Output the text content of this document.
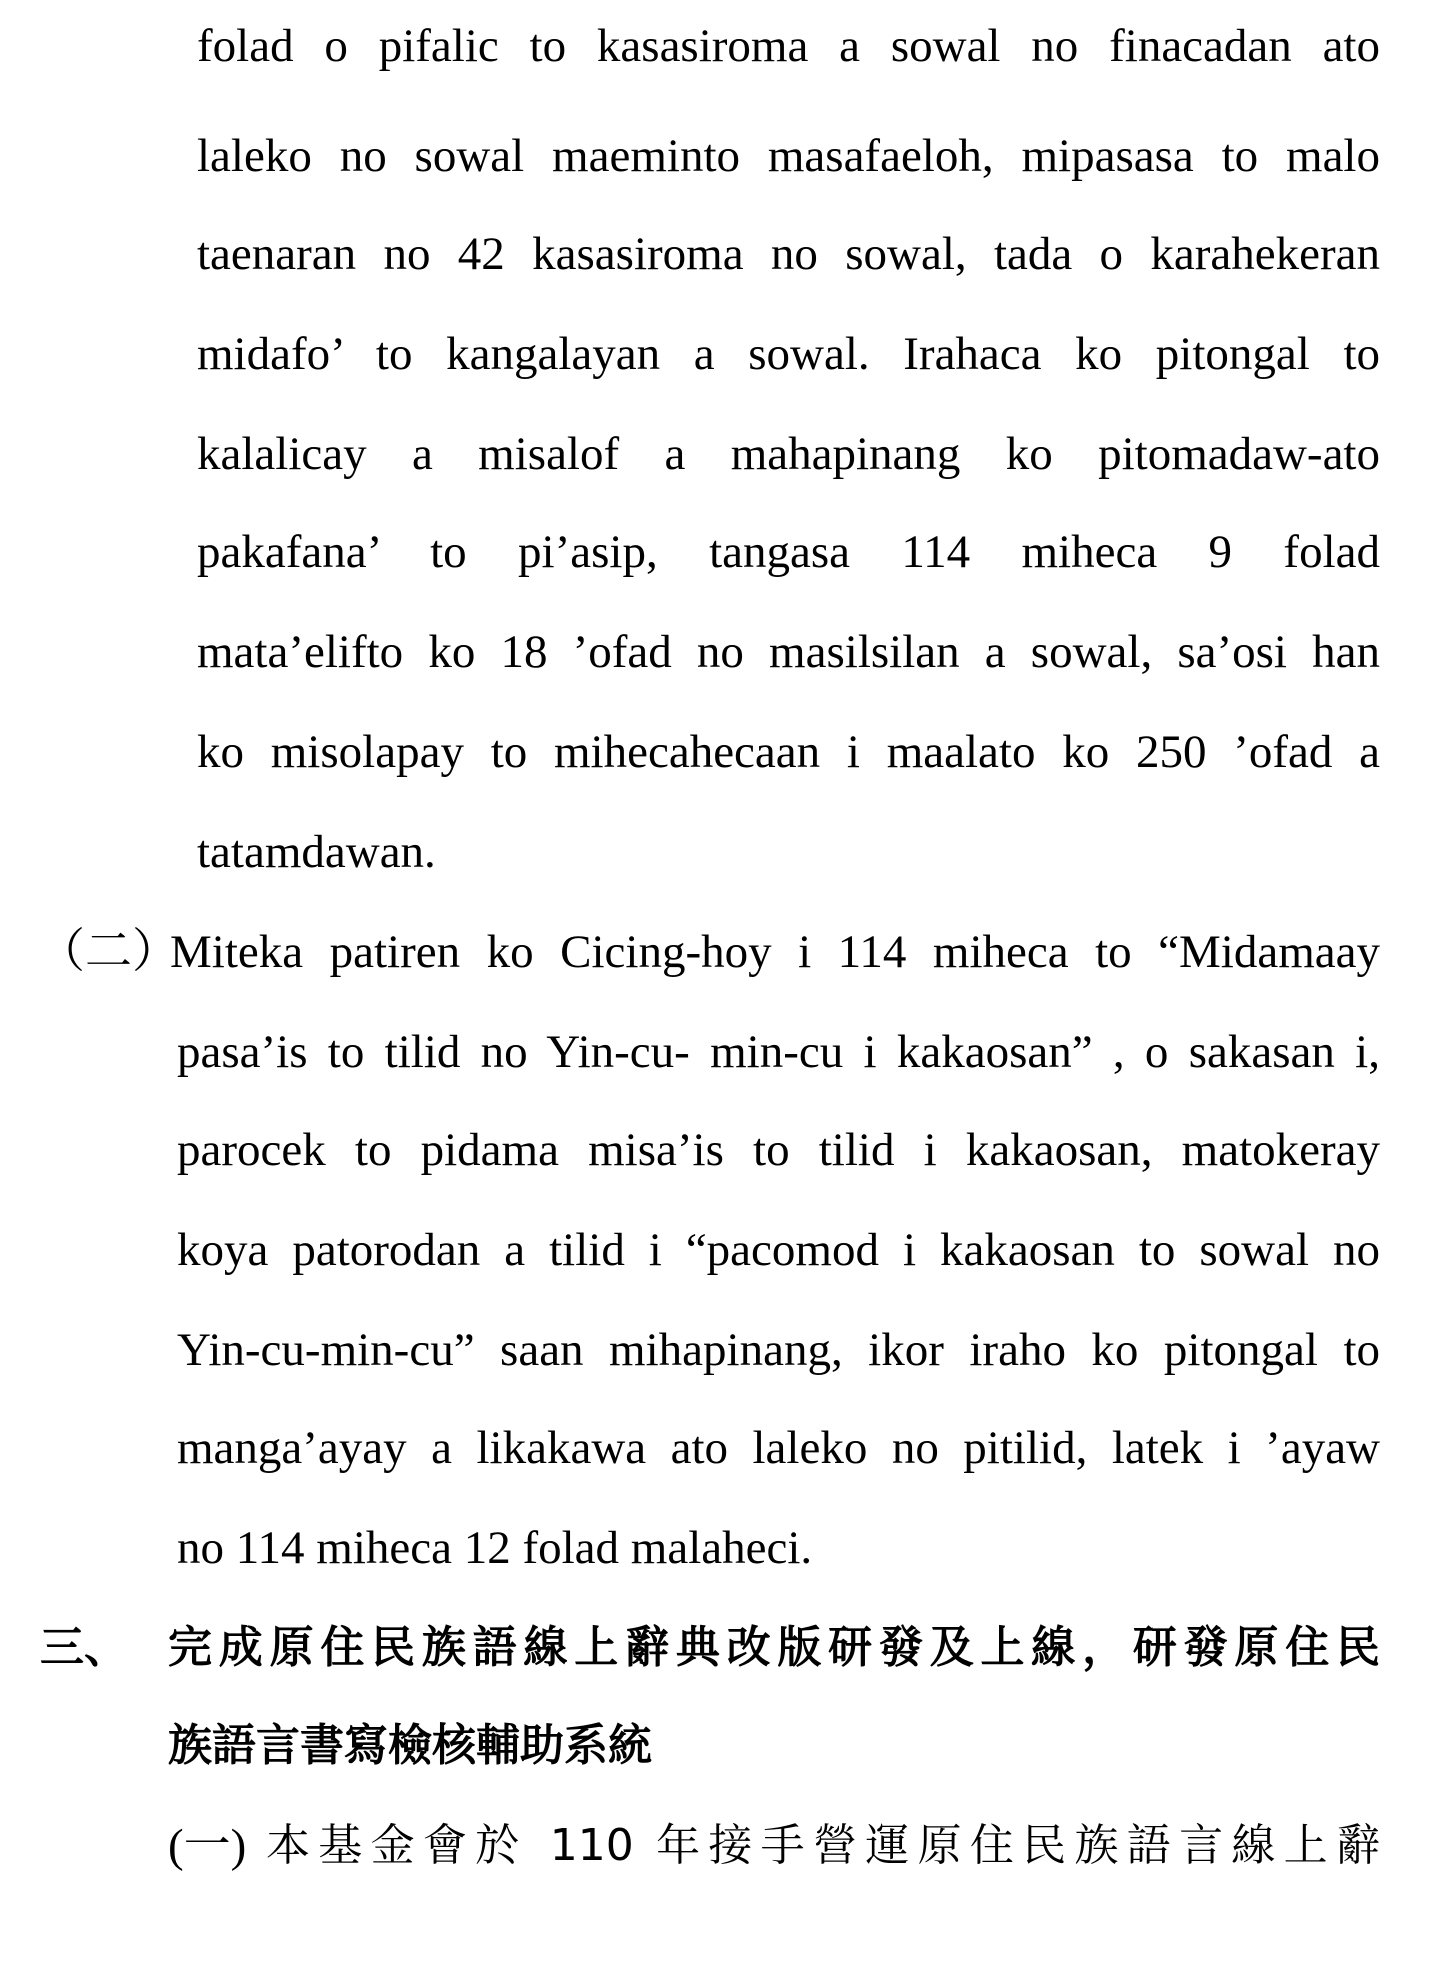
folad o pifalic to kasasiroma a sowal no finacadan ato
laleko no sowal maeminto masafaeloh, mipasasa to malo
taenaran no 42 kasasiroma no sowal, tada o karahekeran
midafo’ to kangalayan a sowal. Irahaca ko pitongal to
kalalicay a misalof a mahapinang ko pitomadaw-ato
pakafana’ to pi’asip, tangasa 114 miheca 9 folad
mata’elifto ko 18 ’ofad no masilsilan a sowal, sa’osi han
ko misolapay to mihecahecaan i maalato ko 250 ’ofad a
tatamdawan.
（二）
Miteka patiren ko Cicing-hoy i 114 miheca to “Midamaay
pasa’is to tilid no Yin-cu- min-cu i kakaosan” , o sakasan i,
parocek to pidama misa’is to tilid i kakaosan, matokeray
koya patorodan a tilid i “pacomod i kakaosan to sowal no
Yin-cu-min-cu” saan mihapinang, ikor iraho ko pitongal to
manga’ayay a likakawa ato laleko no pitilid, latek i ’ayaw
no 114 miheca 12 folad malaheci.
三、 完成原住民族語線上辭典改版研發及上線，研發原住民
族語言書寫檢核輔助系統
(一) 本基金會於 110 年接手營運原住民族語言線上辭
